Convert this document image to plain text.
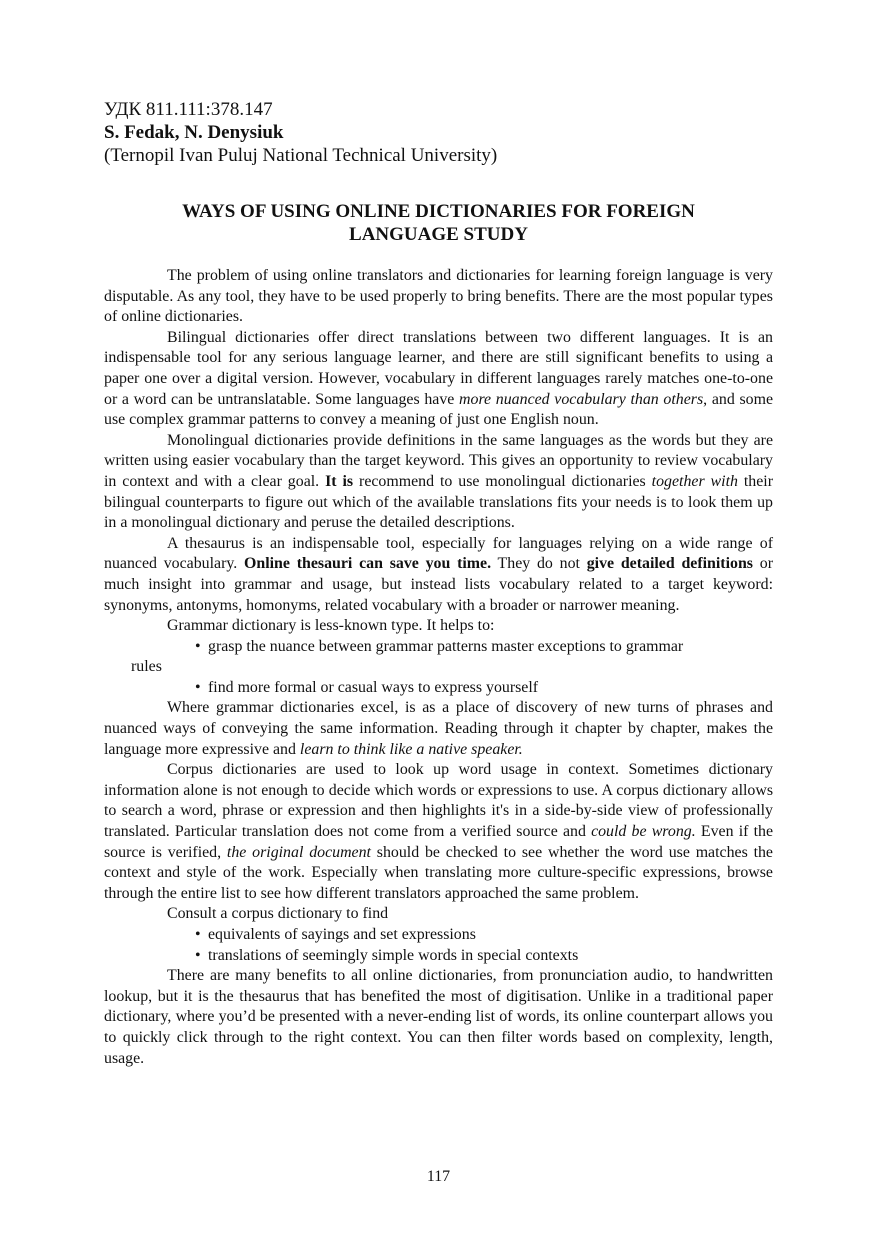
УДК 811.111:378.147

S. Fedak, N. Denysiuk

(Ternopil Ivan Puluj National Technical University)

WAYS OF USING ONLINE DICTIONARIES FOR FOREIGN
LANGUAGE STUDY

The problem of using online translators and dictionaries for learning foreign language is very disputable. As any tool, they have to be used properly to bring benefits. There are the most popular types of online dictionaries.

Bilingual dictionaries offer direct translations between two different languages. It is an indispensable tool for any serious language learner, and there are still significant benefits to using a paper one over a digital version. However, vocabulary in different languages rarely matches one-to-one or a word can be untranslatable. Some languages have more nuanced vocabulary than others, and some use complex grammar patterns to convey a meaning of just one English noun.

Monolingual dictionaries provide definitions in the same languages as the words but they are written using easier vocabulary than the target keyword. This gives an opportunity to review vocabulary in context and with a clear goal. It is recommend to use monolingual dictionaries together with their bilingual counterparts to figure out which of the available translations fits your needs is to look them up in a monolingual dictionary and peruse the detailed descriptions.

A thesaurus is an indispensable tool, especially for languages relying on a wide range of nuanced vocabulary. Online thesauri can save you time. They do not give detailed definitions or much insight into grammar and usage, but instead lists vocabulary related to a target keyword: synonyms, antonyms, homonyms, related vocabulary with a broader or narrower meaning.

Grammar dictionary is less-known type. It helps to:

• grasp the nuance between grammar patterns master exceptions to grammar
rules
• find more formal or casual ways to express yourself

Where grammar dictionaries excel, is as a place of discovery of new turns of phrases and nuanced ways of conveying the same information. Reading through it chapter by chapter, makes the language more expressive and learn to think like a native speaker.

Corpus dictionaries are used to look up word usage in context. Sometimes dictionary information alone is not enough to decide which words or expressions to use. A corpus dictionary allows to search a word, phrase or expression and then highlights it's in a side-by-side view of professionally translated. Particular translation does not come from a verified source and could be wrong. Even if the source is verified, the original document should be checked to see whether the word use matches the context and style of the work. Especially when translating more culture-specific expressions, browse through the entire list to see how different translators approached the same problem.

Consult a corpus dictionary to find

• equivalents of sayings and set expressions
• translations of seemingly simple words in special contexts

There are many benefits to all online dictionaries, from pronunciation audio, to handwritten lookup, but it is the thesaurus that has benefited the most of digitisation. Unlike in a traditional paper dictionary, where you’d be presented with a never-ending list of words, its online counterpart allows you to quickly click through to the right context. You can then filter words based on complexity, length, usage.

117
